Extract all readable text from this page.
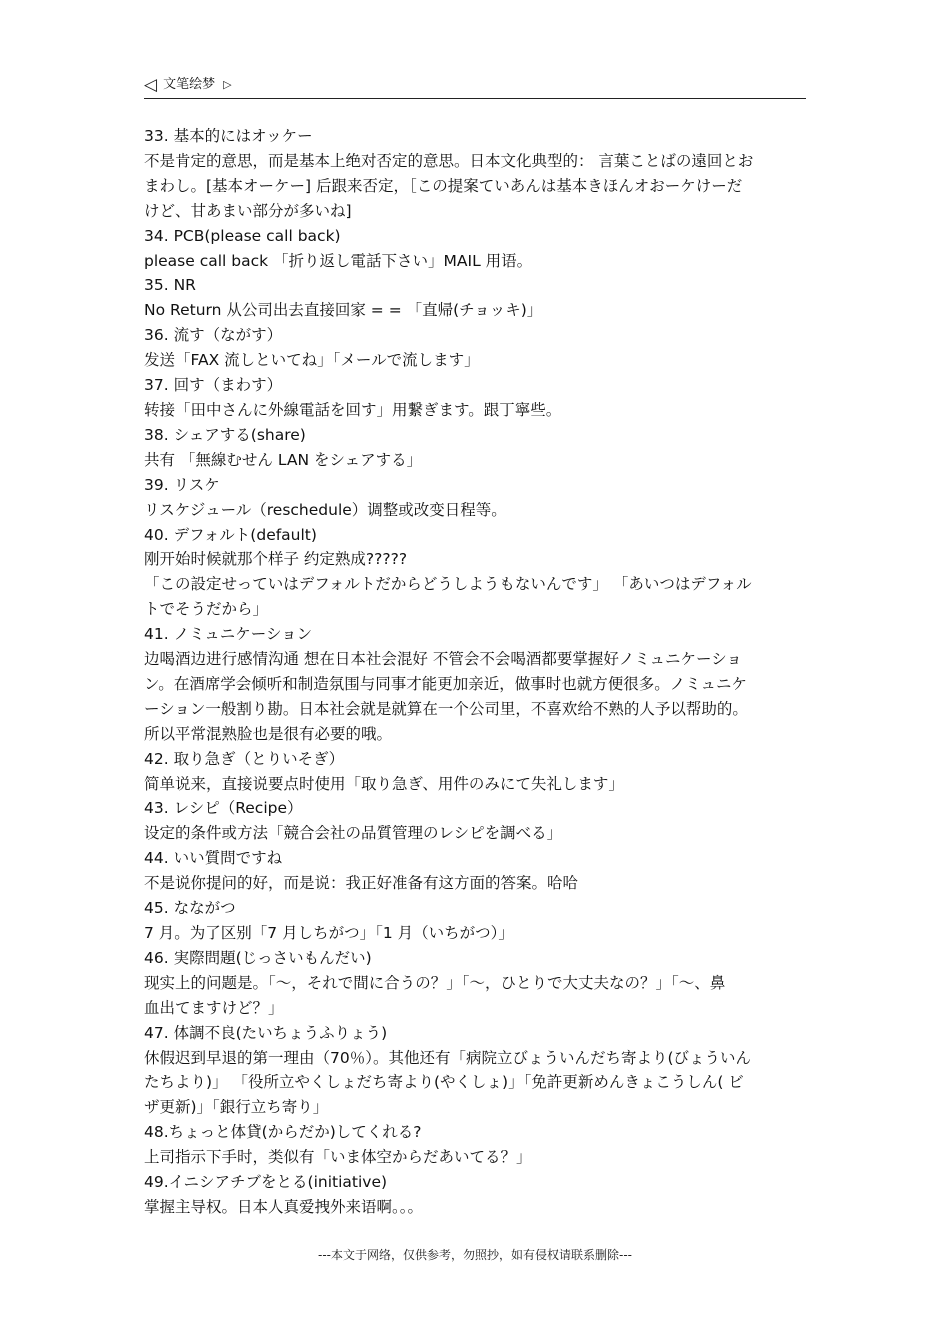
◁ 文笔绘梦 ▷

33. 基本的にはオッケー

不是肯定的意思，而是基本上绝对否定的意思。日本文化典型的： 言葉ことばの遠回とお

まわし。[基本オーケー] 后跟来否定，［この提案ていあんは基本きほんオおーケけーだ

けど、甘あまい部分が多いね]

34. PCB(please call back)

please call back 「折り返し電話下さい」MAIL 用语。

35. NR

No Return 从公司出去直接回家 = = 「直帰(チョッキ)」

36. 流す（ながす）

发送「FAX 流しといてね」「メールで流します」

37. 回す（まわす）

转接「田中さんに外線電話を回す」用繋ぎます。跟丁寧些。

38. シェアする(share)

共有 「無線むせん LAN をシェアする」

39. リスケ

リスケジュール（reschedule）调整或改变日程等。

40. デフォルト(default)

刚开始时候就那个样子 约定熟成?????

「この設定せっていはデフォルトだからどうしようもないんです」 「あいつはデフォル

トでそうだから」

41. ノミュニケーション

边喝酒边进行感情沟通 想在日本社会混好 不管会不会喝酒都要掌握好ノミュニケーショ

ン。在酒席学会倾听和制造氛围与同事才能更加亲近，做事时也就方便很多。ノミュニケ

ーション一般割り勘。日本社会就是就算在一个公司里，不喜欢给不熟的人予以帮助的。

所以平常混熟脸也是很有必要的哦。

42. 取り急ぎ（とりいそぎ）

简单说来，直接说要点时使用「取り急ぎ、用件のみにて失礼します」

43. レシピ（Recipe）

设定的条件或方法「競合会社の品質管理のレシピを調べる」

44. いい質問ですね

不是说你提问的好，而是说：我正好准备有这方面的答案。哈哈

45. なながつ

7 月。为了区别「7 月しちがつ」「1 月（いちがつ）」

46. 実際問題(じっさいもんだい)

现实上的问题是。「～，それで間に合うの？」「～，ひとりで大丈夫なの？」「～、鼻

血出てますけど？」

47. 体調不良(たいちょうふりょう)

休假迟到早退的第一理由（70％）。其他还有「病院立びょういんだち寄より(びょういん

たちより)」 「役所立やくしょだち寄より(やくしょ)」「免許更新めんきょこうしん( ビ

ザ更新)」「銀行立ち寄り」

48.ちょっと体貸(からだか)してくれる?

上司指示下手时，类似有「いま体空からだあいてる？」

49.イニシアチブをとる(initiative)

掌握主导权。日本人真爱拽外来语啊。。。

---本文于网络，仅供参考，勿照抄，如有侵权请联系删除---
